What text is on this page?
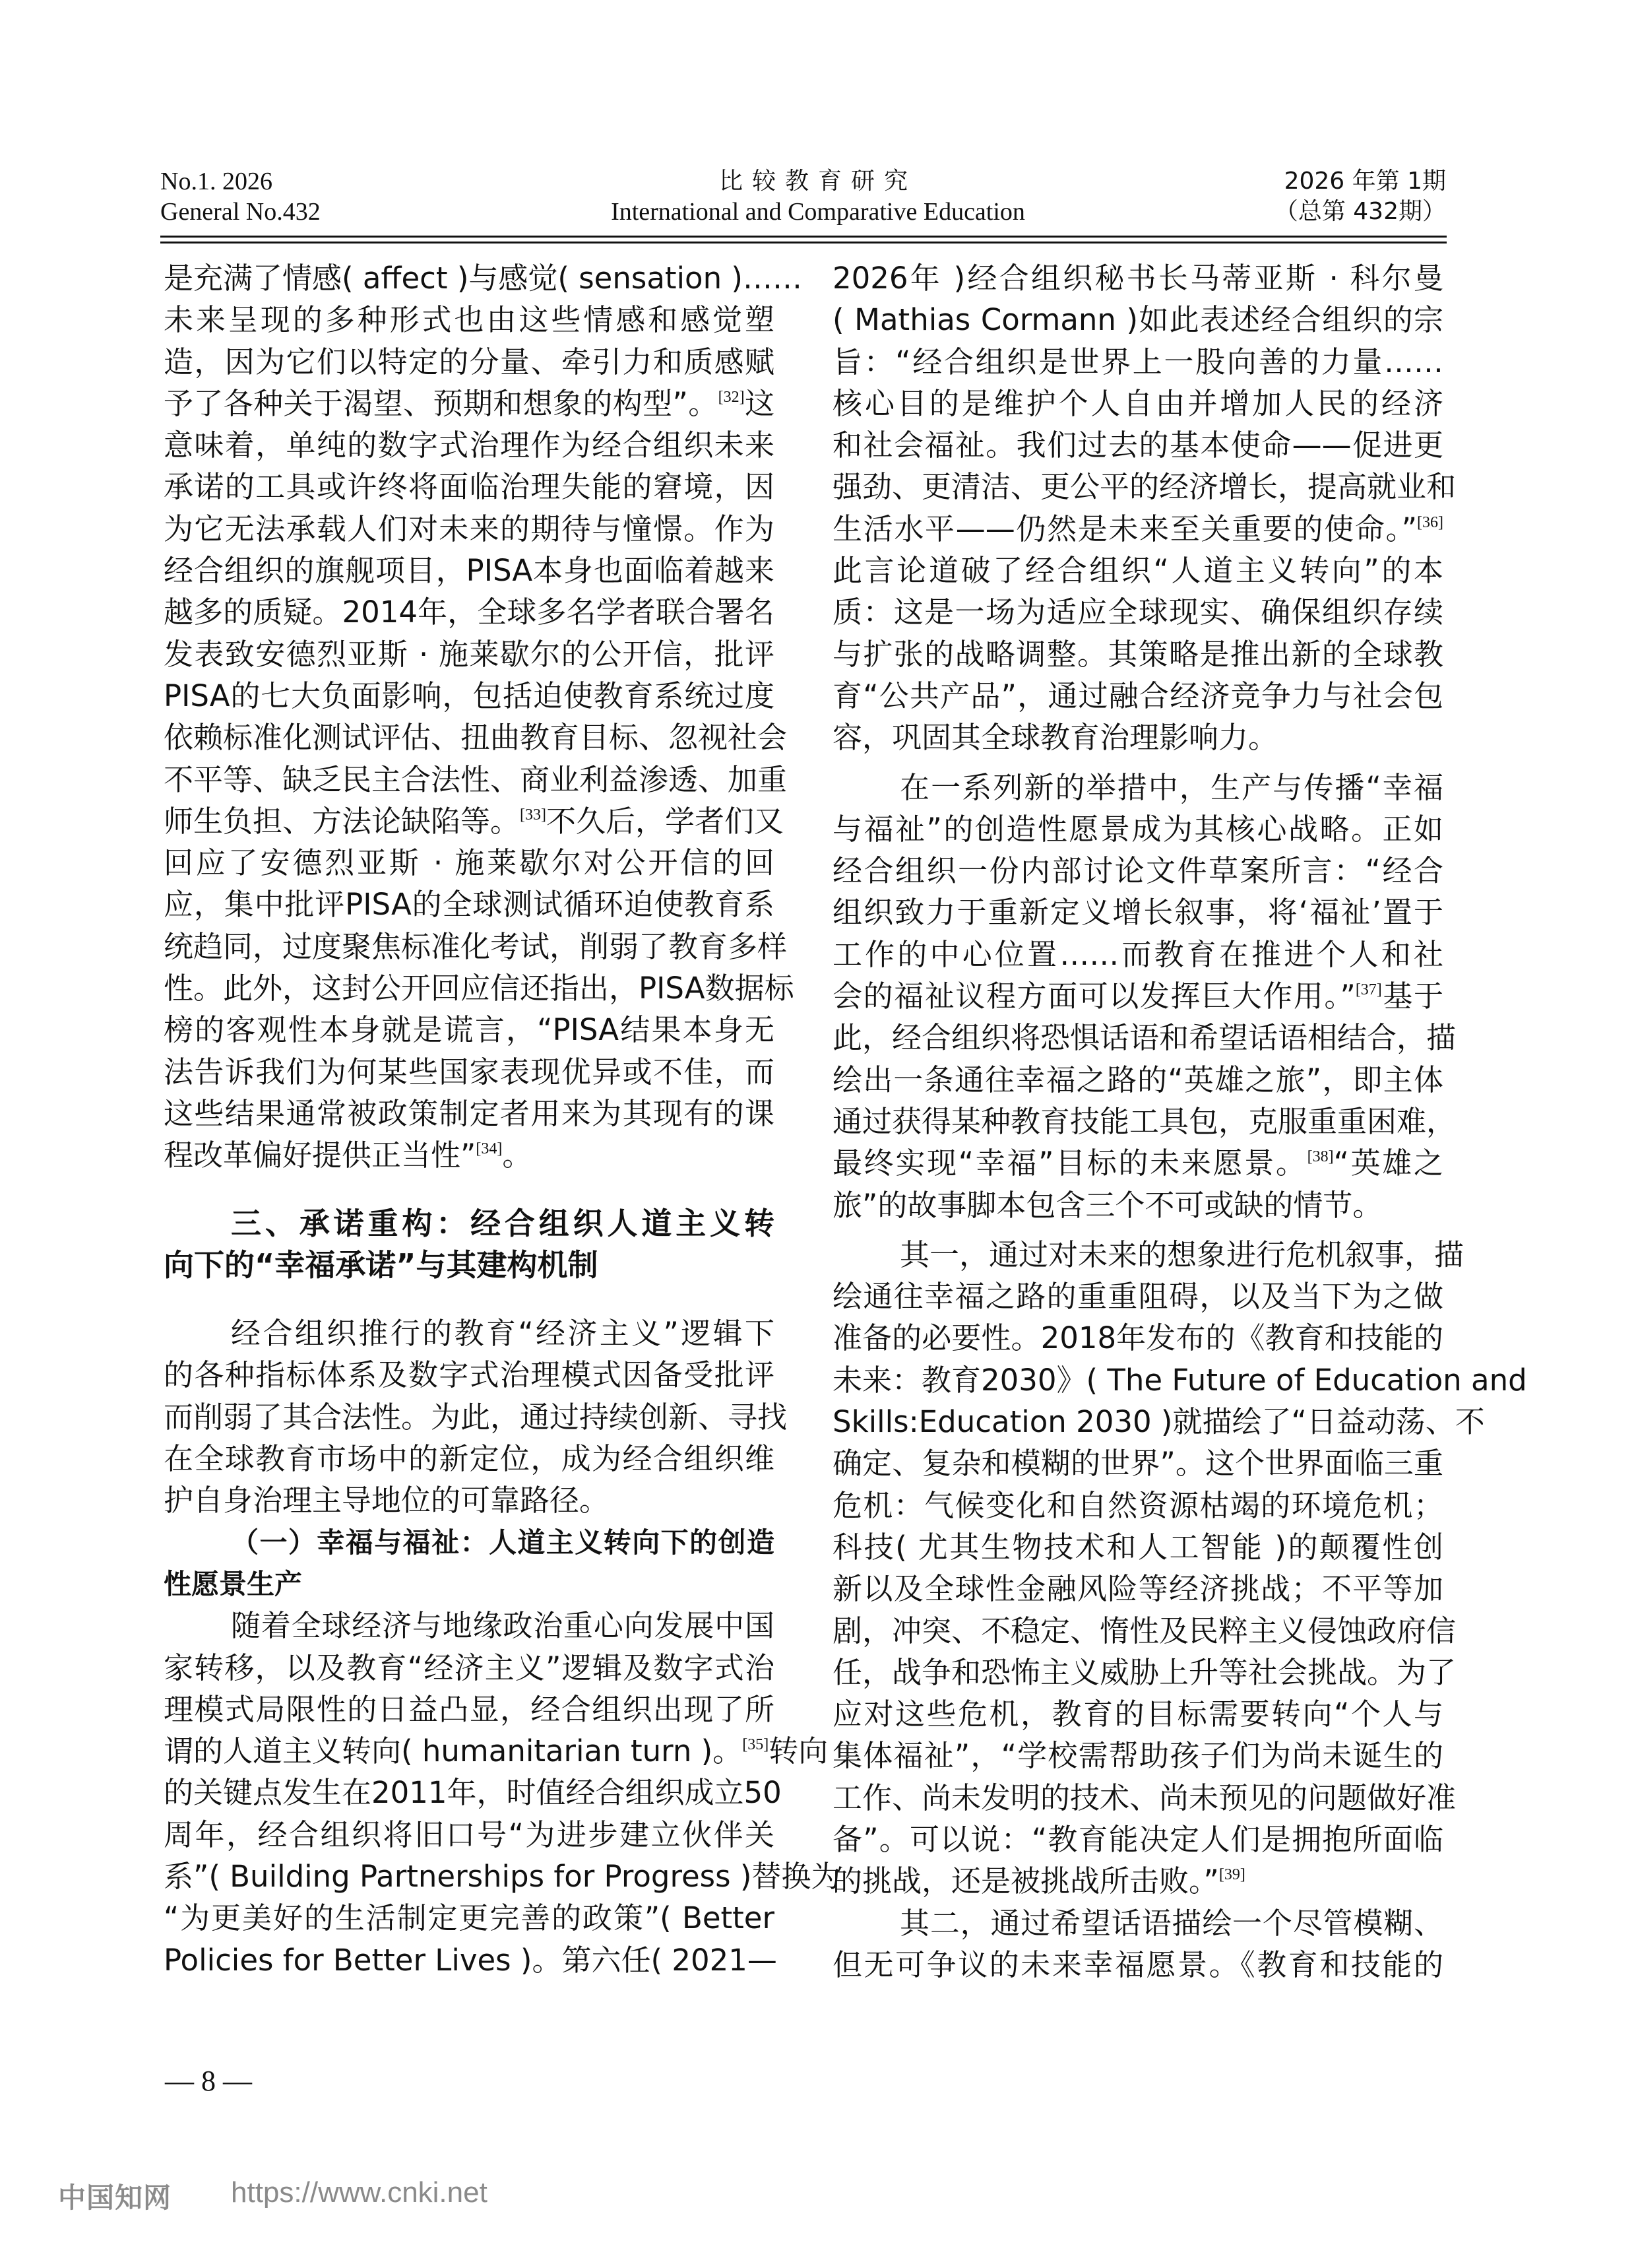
No.1. 2026
General No.432
比较教育研究
International and Comparative Education
2026 年第 1期
（总第 432期）
是充满了情感( affect )与感觉( sensation )……
未来呈现的多种形式也由这些情感和感觉塑
造，因为它们以特定的分量、牵引力和质感赋
予了各种关于渴望、预期和想象的构型”。[32]这
意味着，单纯的数字式治理作为经合组织未来
承诺的工具或许终将面临治理失能的窘境，因
为它无法承载人们对未来的期待与憧憬。作为
经合组织的旗舰项目，PISA本身也面临着越来
越多的质疑。2014年，全球多名学者联合署名
发表致安德烈亚斯 · 施莱歇尔的公开信，批评
PISA的七大负面影响，包括迫使教育系统过度
依赖标准化测试评估、扭曲教育目标、忽视社会
不平等、缺乏民主合法性、商业利益渗透、加重
师生负担、方法论缺陷等。[33]不久后，学者们又
回应了安德烈亚斯 · 施莱歇尔对公开信的回
应，集中批评PISA的全球测试循环迫使教育系
统趋同，过度聚焦标准化考试，削弱了教育多样
性。此外，这封公开回应信还指出，PISA数据标
榜的客观性本身就是谎言，“PISA结果本身无
法告诉我们为何某些国家表现优异或不佳，而
这些结果通常被政策制定者用来为其现有的课
程改革偏好提供正当性”[34]。
三、承诺重构：经合组织人道主义转
向下的“幸福承诺”与其建构机制
经合组织推行的教育“经济主义”逻辑下
的各种指标体系及数字式治理模式因备受批评
而削弱了其合法性。为此，通过持续创新、寻找
在全球教育市场中的新定位，成为经合组织维
护自身治理主导地位的可靠路径。
（一）幸福与福祉：人道主义转向下的创造
性愿景生产
随着全球经济与地缘政治重心向发展中国
家转移，以及教育“经济主义”逻辑及数字式治
理模式局限性的日益凸显，经合组织出现了所
谓的人道主义转向( humanitarian turn )。[35]转向
的关键点发生在2011年，时值经合组织成立50
周年，经合组织将旧口号“为进步建立伙伴关
系”( Building Partnerships for Progress )替换为
“为更美好的生活制定更完善的政策”( Better
Policies for Better Lives )。第六任( 2021—
2026年 )经合组织秘书长马蒂亚斯 · 科尔曼
( Mathias Cormann )如此表述经合组织的宗
旨：“经合组织是世界上一股向善的力量……
核心目的是维护个人自由并增加人民的经济
和社会福祉。我们过去的基本使命——促进更
强劲、更清洁、更公平的经济增长，提高就业和
生活水平——仍然是未来至关重要的使命。”[36]
此言论道破了经合组织“人道主义转向”的本
质：这是一场为适应全球现实、确保组织存续
与扩张的战略调整。其策略是推出新的全球教
育“公共产品”，通过融合经济竞争力与社会包
容，巩固其全球教育治理影响力。
在一系列新的举措中，生产与传播“幸福
与福祉”的创造性愿景成为其核心战略。正如
经合组织一份内部讨论文件草案所言：“经合
组织致力于重新定义增长叙事，将‘福祉’置于
工作的中心位置……而教育在推进个人和社
会的福祉议程方面可以发挥巨大作用。”[37]基于
此，经合组织将恐惧话语和希望话语相结合，描
绘出一条通往幸福之路的“英雄之旅”，即主体
通过获得某种教育技能工具包，克服重重困难，
最终实现“幸福”目标的未来愿景。[38]“英雄之
旅”的故事脚本包含三个不可或缺的情节。
其一，通过对未来的想象进行危机叙事，描
绘通往幸福之路的重重阻碍，以及当下为之做
准备的必要性。2018年发布的《教育和技能的
未来：教育2030》( The Future of Education and
Skills:Education 2030 )就描绘了“日益动荡、不
确定、复杂和模糊的世界”。这个世界面临三重
危机：气候变化和自然资源枯竭的环境危机；
科技( 尤其生物技术和人工智能 )的颠覆性创
新以及全球性金融风险等经济挑战；不平等加
剧，冲突、不稳定、惰性及民粹主义侵蚀政府信
任，战争和恐怖主义威胁上升等社会挑战。为了
应对这些危机，教育的目标需要转向“个人与
集体福祉”，“学校需帮助孩子们为尚未诞生的
工作、尚未发明的技术、尚未预见的问题做好准
备”。可以说：“教育能决定人们是拥抱所面临
的挑战，还是被挑战所击败。”[39]
其二，通过希望话语描绘一个尽管模糊、
但无可争议的未来幸福愿景。《教育和技能的
— 8 —
中国知网 https://www.cnki.net
